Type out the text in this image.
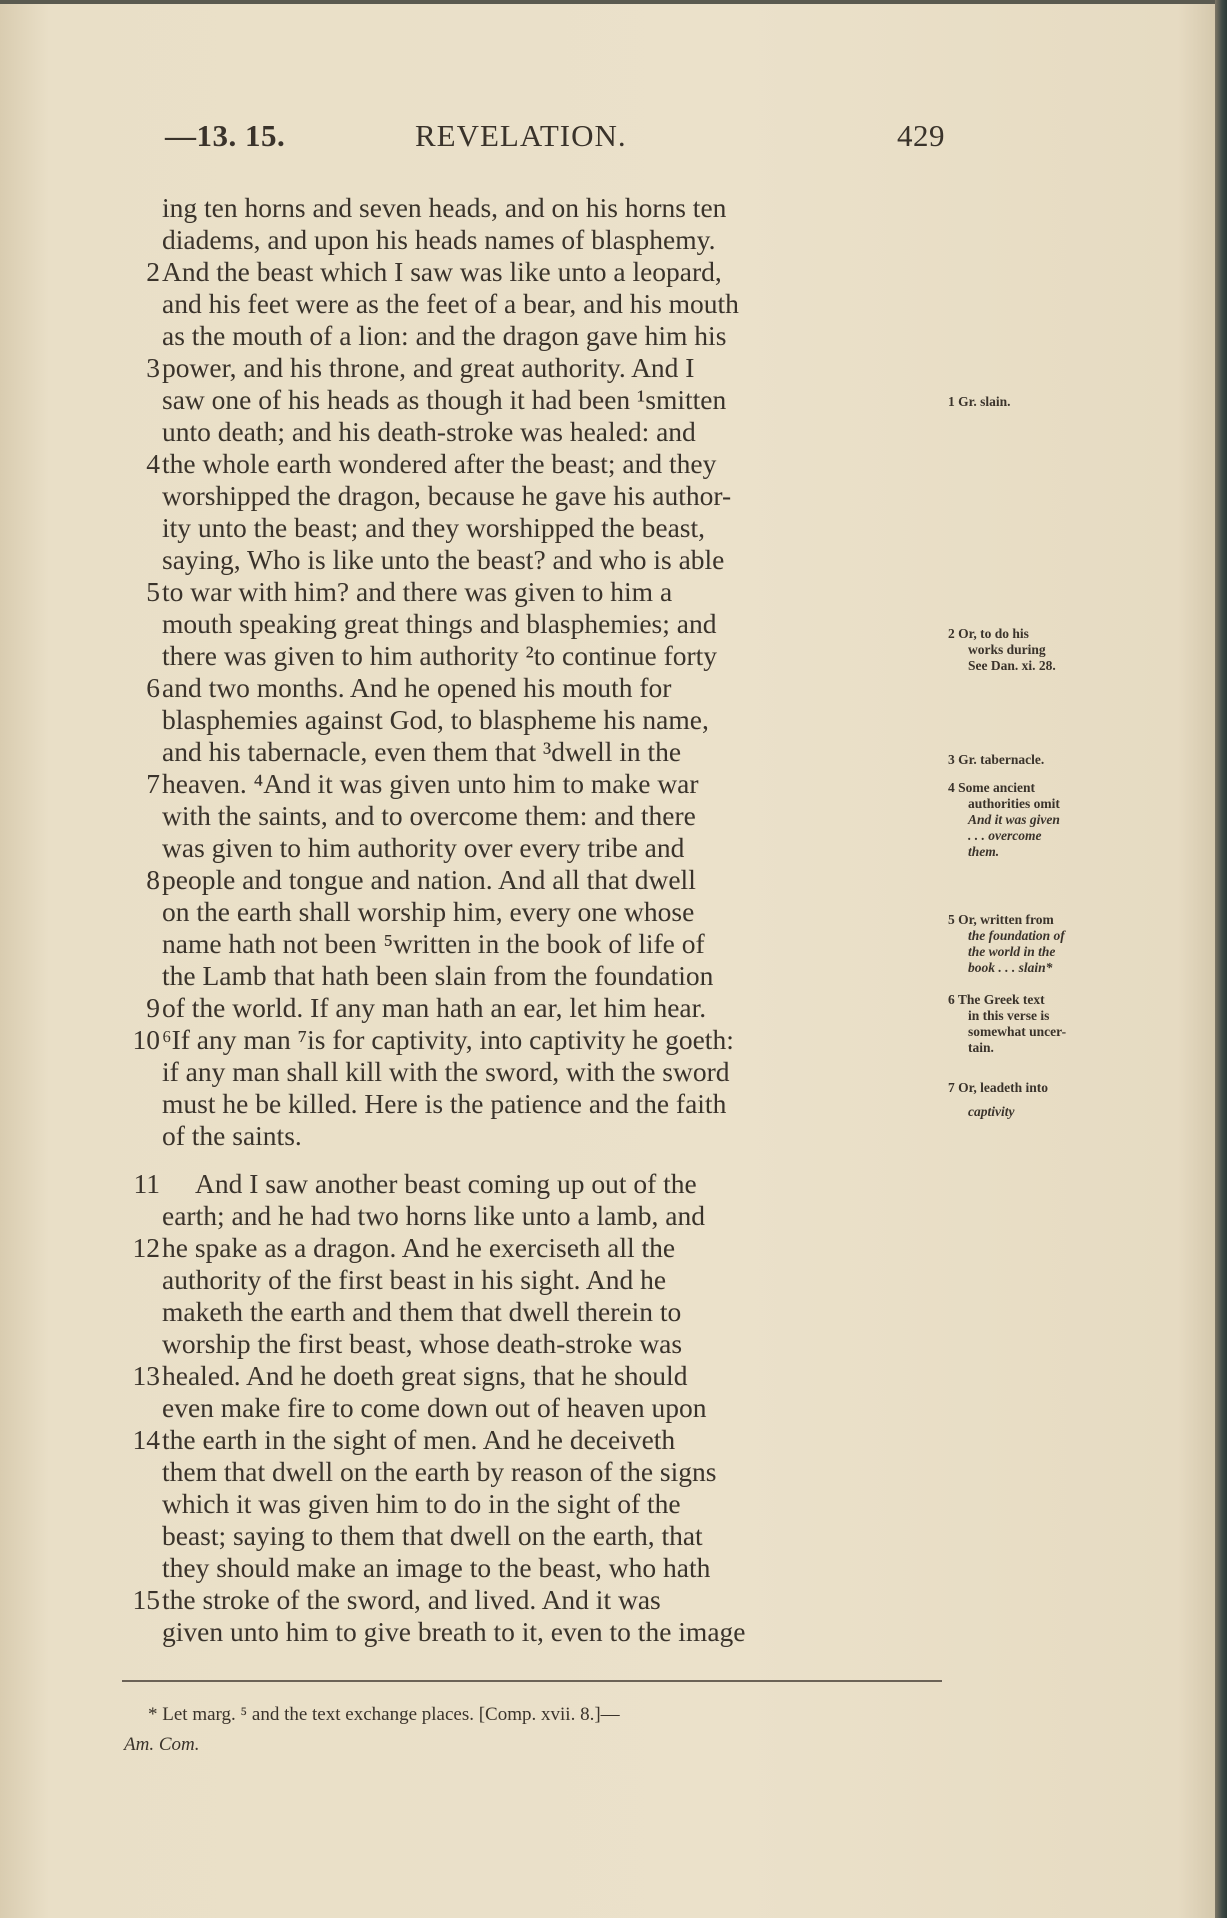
—13. 15.	REVELATION.	429
ing ten horns and seven heads, and on his horns ten
diadems, and upon his heads names of blasphemy.
And the beast which I saw was like unto a leopard,
and his feet were as the feet of a bear, and his mouth
as the mouth of a lion: and the dragon gave him his
power, and his throne, and great authority. And I
saw one of his heads as though it had been ¹smitten
unto death; and his death-stroke was healed: and
the whole earth wondered after the beast; and they
worshipped the dragon, because he gave his author-
ity unto the beast; and they worshipped the beast,
saying, Who is like unto the beast? and who is able
to war with him? and there was given to him a
mouth speaking great things and blasphemies; and
there was given to him authority ²to continue forty
and two months. And he opened his mouth for
blasphemies against God, to blaspheme his name,
and his tabernacle, even them that ³dwell in the
heaven. ⁴And it was given unto him to make war
with the saints, and to overcome them: and there
was given to him authority over every tribe and
people and tongue and nation. And all that dwell
on the earth shall worship him, every one whose
name hath not been ⁵written in the book of life of
the Lamb that hath been slain from the foundation
of the world. If any man hath an ear, let him hear.
⁶If any man ⁷is for captivity, into captivity he goeth:
if any man shall kill with the sword, with the sword
must he be killed. Here is the patience and the faith
of the saints.
And I saw another beast coming up out of the
earth; and he had two horns like unto a lamb, and
he spake as a dragon. And he exerciseth all the
authority of the first beast in his sight. And he
maketh the earth and them that dwell therein to
worship the first beast, whose death-stroke was
healed. And he doeth great signs, that he should
even make fire to come down out of heaven upon
the earth in the sight of men. And he deceiveth
them that dwell on the earth by reason of the signs
which it was given him to do in the sight of the
beast; saying to them that dwell on the earth, that
they should make an image to the beast, who hath
the stroke of the sword, and lived. And it was
given unto him to give breath to it, even to the image
2
3
4
5
6
7
8
9
10
11
12
13
14
15
1 Gr. slain.
2 Or, to do his
works during
See Dan. xi. 28.
3 Gr. tabernacle.
4 Some ancient
authorities omit
And it was given
. . . overcome
them.
5 Or, written from
the foundation of
the world in the
book . . . slain*
6 The Greek text
in this verse is
somewhat uncer-
tain.
7 Or, leadeth into
captivity
* Let marg. ⁵ and the text exchange places. [Comp. xvii. 8.]—
Am. Com.
